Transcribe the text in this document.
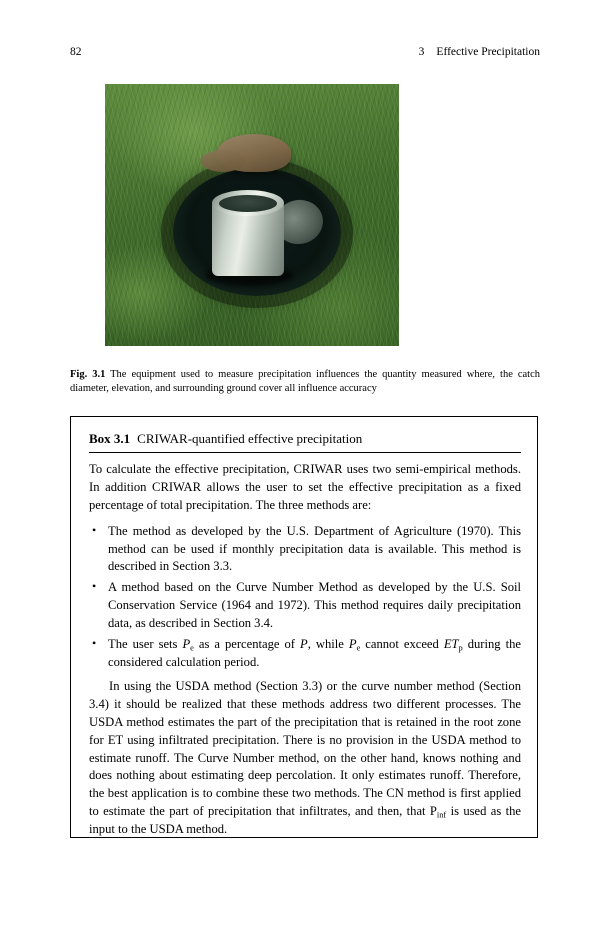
82	3 Effective Precipitation
Fig. 3.1 The equipment used to measure precipitation influences the quantity measured where, the catch diameter, elevation, and surrounding ground cover all influence accuracy
Box 3.1 CRIWAR-quantified effective precipitation

To calculate the effective precipitation, CRIWAR uses two semi-empirical methods. In addition CRIWAR allows the user to set the effective precipitation as a fixed percentage of total precipitation. The three methods are:

• The method as developed by the U.S. Department of Agriculture (1970). This method can be used if monthly precipitation data is available. This method is described in Section 3.3.
• A method based on the Curve Number Method as developed by the U.S. Soil Conservation Service (1964 and 1972). This method requires daily precipitation data, as described in Section 3.4.
• The user sets $P_e$ as a percentage of P, while $P_e$ cannot exceed $ET_p$ during the considered calculation period.

In using the USDA method (Section 3.3) or the curve number method (Section 3.4) it should be realized that these methods address two different processes. The USDA method estimates the part of the precipitation that is retained in the root zone for ET using infiltrated precipitation. There is no provision in the USDA method to estimate runoff. The Curve Number method, on the other hand, knows nothing and does nothing about estimating deep percolation. It only estimates runoff. Therefore, the best application is to combine these two methods. The CN method is first applied to estimate the part of precipitation that infiltrates, and then, that $P_{inf}$ is used as the input to the USDA method.
